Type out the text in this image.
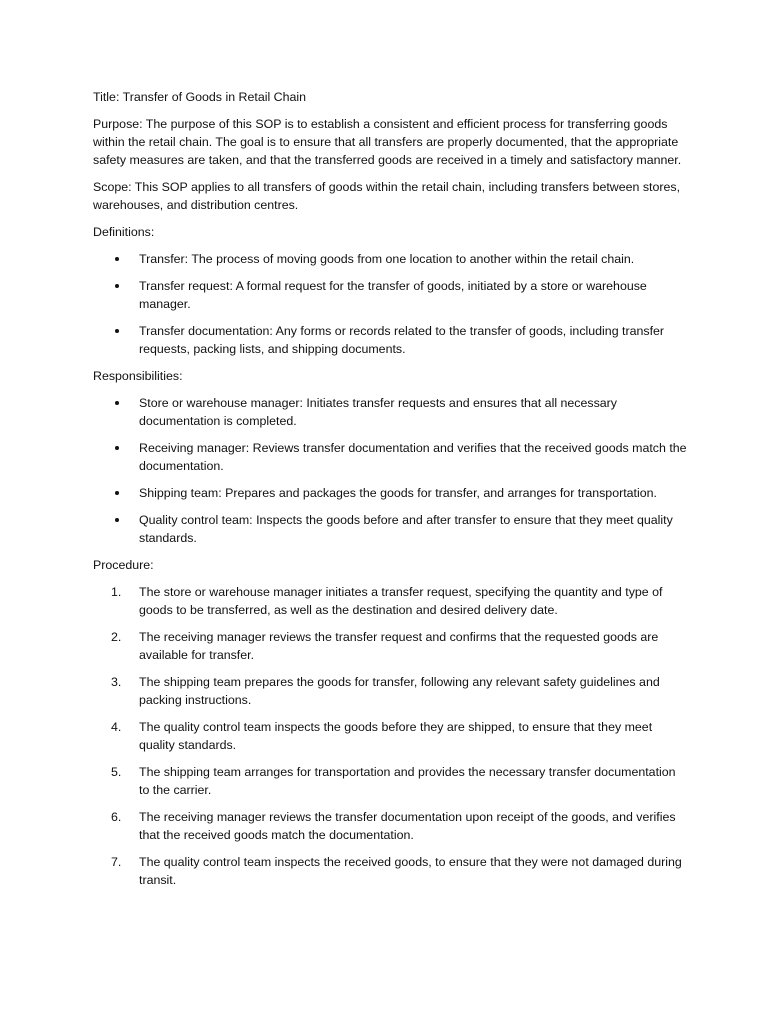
Title: Transfer of Goods in Retail Chain

Purpose: The purpose of this SOP is to establish a consistent and efficient process for transferring goods within the retail chain. The goal is to ensure that all transfers are properly documented, that the appropriate safety measures are taken, and that the transferred goods are received in a timely and satisfactory manner.

Scope: This SOP applies to all transfers of goods within the retail chain, including transfers between stores, warehouses, and distribution centres.

Definitions:

Transfer: The process of moving goods from one location to another within the retail chain.
Transfer request: A formal request for the transfer of goods, initiated by a store or warehouse manager.
Transfer documentation: Any forms or records related to the transfer of goods, including transfer requests, packing lists, and shipping documents.

Responsibilities:

Store or warehouse manager: Initiates transfer requests and ensures that all necessary documentation is completed.
Receiving manager: Reviews transfer documentation and verifies that the received goods match the documentation.
Shipping team: Prepares and packages the goods for transfer, and arranges for transportation.
Quality control team: Inspects the goods before and after transfer to ensure that they meet quality standards.

Procedure:

1. The store or warehouse manager initiates a transfer request, specifying the quantity and type of goods to be transferred, as well as the destination and desired delivery date.
2. The receiving manager reviews the transfer request and confirms that the requested goods are available for transfer.
3. The shipping team prepares the goods for transfer, following any relevant safety guidelines and packing instructions.
4. The quality control team inspects the goods before they are shipped, to ensure that they meet quality standards.
5. The shipping team arranges for transportation and provides the necessary transfer documentation to the carrier.
6. The receiving manager reviews the transfer documentation upon receipt of the goods, and verifies that the received goods match the documentation.
7. The quality control team inspects the received goods, to ensure that they were not damaged during transit.
